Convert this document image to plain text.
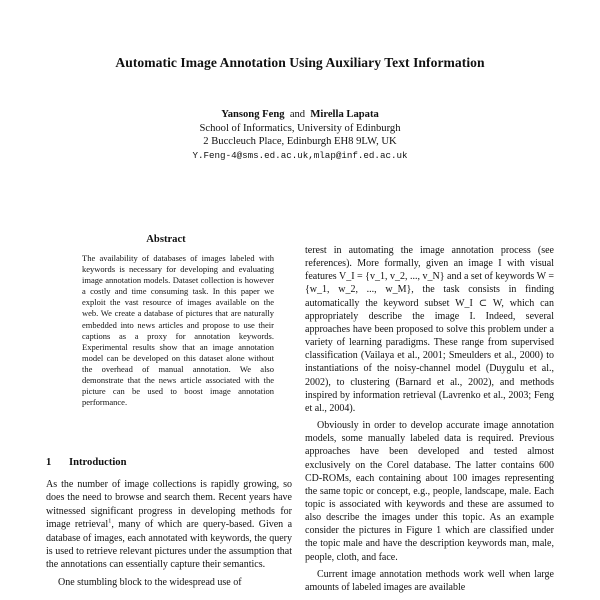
Automatic Image Annotation Using Auxiliary Text Information
Yansong Feng and Mirella Lapata
School of Informatics, University of Edinburgh
2 Buccleuch Place, Edinburgh EH8 9LW, UK
Y.Feng-4@sms.ed.ac.uk,mlap@inf.ed.ac.uk
Abstract
The availability of databases of images labeled with keywords is necessary for developing and evaluating image annotation models. Dataset collection is however a costly and time consuming task. In this paper we exploit the vast resource of images available on the web. We create a database of pictures that are naturally embedded into news articles and propose to use their captions as a proxy for annotation keywords. Experimental results show that an image annotation model can be developed on this dataset alone without the overhead of manual annotation. We also demonstrate that the news article associated with the picture can be used to boost image annotation performance.
1 Introduction

As the number of image collections is rapidly growing, so does the need to browse and search them. Recent years have witnessed significant progress in developing methods for image retrieval$^1$, many of which are query-based. Given a database of images, each annotated with keywords, the query is used to retrieve relevant pictures under the assumption that the annotations can essentially capture their semantics.

One stumbling block to the widespread use of

terest in automating the image annotation process (see references). More formally, given an image I with visual features V_I = {v_1, v_2, ..., v_N} and a set of keywords W = {w_1, w_2, ..., w_M}, the task consists in finding automatically the keyword subset W_I ⊂ W, which can appropriately describe the image I. Indeed, several approaches have been proposed to solve this problem under a variety of learning paradigms. These range from supervised classification (Vailaya et al., 2001; Smeulders et al., 2000) to instantiations of the noisy-channel model (Duygulu et al., 2002), to clustering (Barnard et al., 2002), and methods inspired by information retrieval (Lavrenko et al., 2003; Feng et al., 2004).

Obviously in order to develop accurate image annotation models, some manually labeled data is required. Previous approaches have been developed and tested almost exclusively on the Corel database. The latter contains 600 CD-ROMs, each containing about 100 images representing the same topic or concept, e.g., people, landscape, male. Each topic is associated with keywords and these are assumed to also describe the images under this topic. As an example consider the pictures in Figure 1 which are classified under the topic male and have the description keywords man, male, people, cloth, and face.

Current image annotation methods work well when large amounts of labeled images are available
